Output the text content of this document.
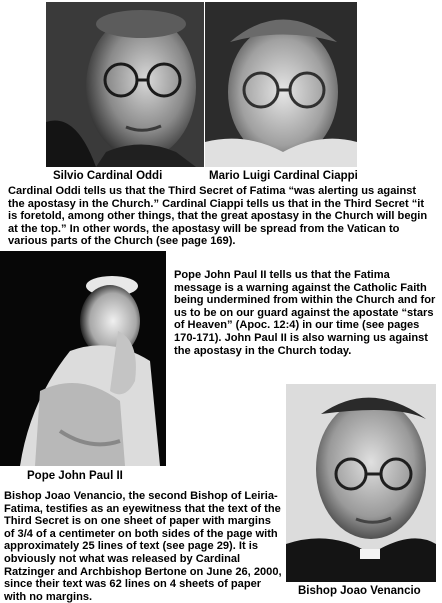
Silvio Cardinal Oddi	Mario Luigi Cardinal Ciappi

Cardinal Oddi tells us that the Third Secret of Fatima “was alerting us against the apostasy in the Church.” Cardinal Ciappi tells us that in the Third Secret “it is foretold, among other things, that the great apostasy in the Church will begin at the top.” In other words, the apostasy will be spread from the Vatican to various parts of the Church (see page 169).

Pope John Paul II tells us that the Fatima message is a warning against the Catholic Faith being undermined from within the Church and for us to be on our guard against the apostate “stars of Heaven” (Apoc. 12:4) in our time (see pages 170-171). John Paul II is also warning us against the apostasy in the Church today.

Pope John Paul II

Bishop Joao Venancio, the second Bishop of Leiria-Fatima, testifies as an eyewitness that the text of the Third Secret is on one sheet of paper with margins of 3/4 of a centimeter on both sides of the page with approximately 25 lines of text (see page 29). It is obviously not what was released by Cardinal Ratzinger and Archbishop Bertone on June 26, 2000, since their text was 62 lines on 4 sheets of paper with no margins.	Bishop Joao Venancio
